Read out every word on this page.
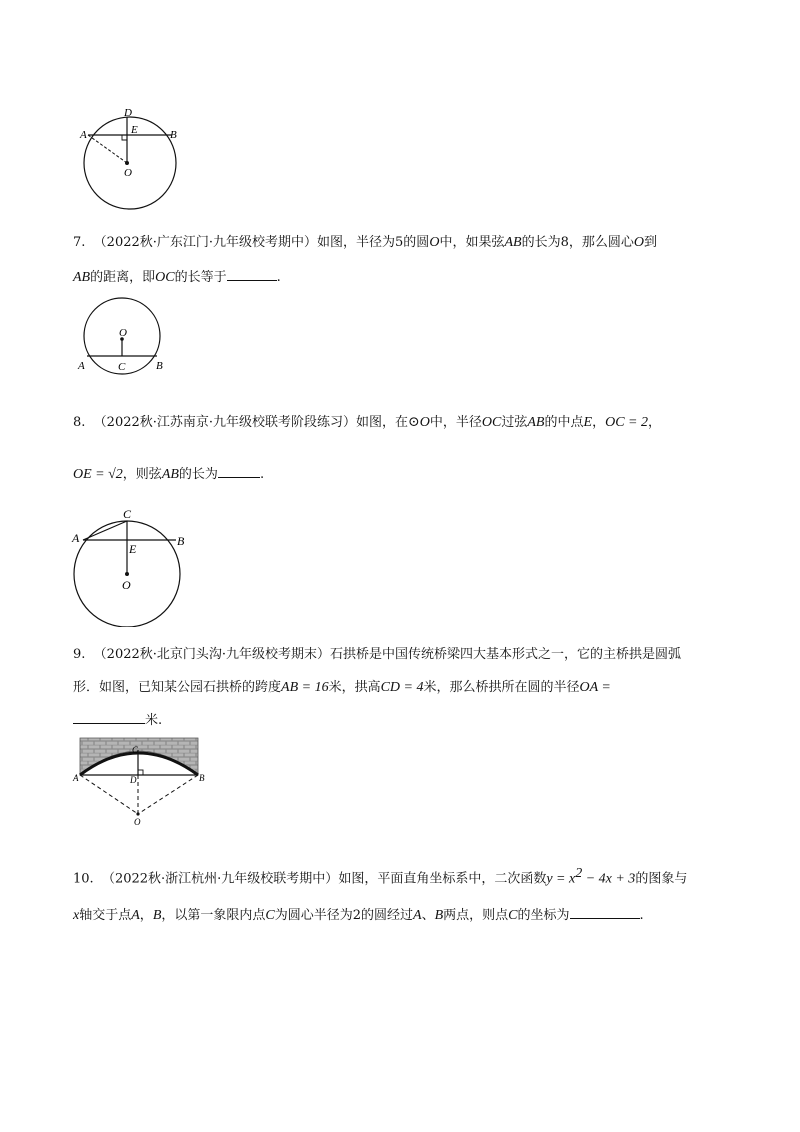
D
E
A	B
O
7. （2022秋·广东江门·九年级校考期中）如图，半径为5的圆O中，如果弦AB的长为8，那么圆心O到
AB的距离，即OC的长等于	.
O
A	C	B
8. （2022秋·江苏南京·九年级校联考阶段练习）如图，在⊙O中，半径OC过弦AB的中点E，OC = 2，
OE = √2，则弦AB的长为	.
C
A	B
E
O
9. （2022秋·北京门头沟·九年级校考期末）石拱桥是中国传统桥梁四大基本形式之一，它的主桥拱是圆弧
形．如图，已知某公园石拱桥的跨度AB = 16米，拱高CD = 4米，那么桥拱所在圆的半径OA =
米.
A	B
C
D
O
10. （2022秋·浙江杭州·九年级校联考期中）如图，平面直角坐标系中，二次函数$y = x^2 - 4x + 3$的图象与
x轴交于点A，B，以第一象限内点C为圆心半径为2的圆经过A、B两点，则点C的坐标为	.
